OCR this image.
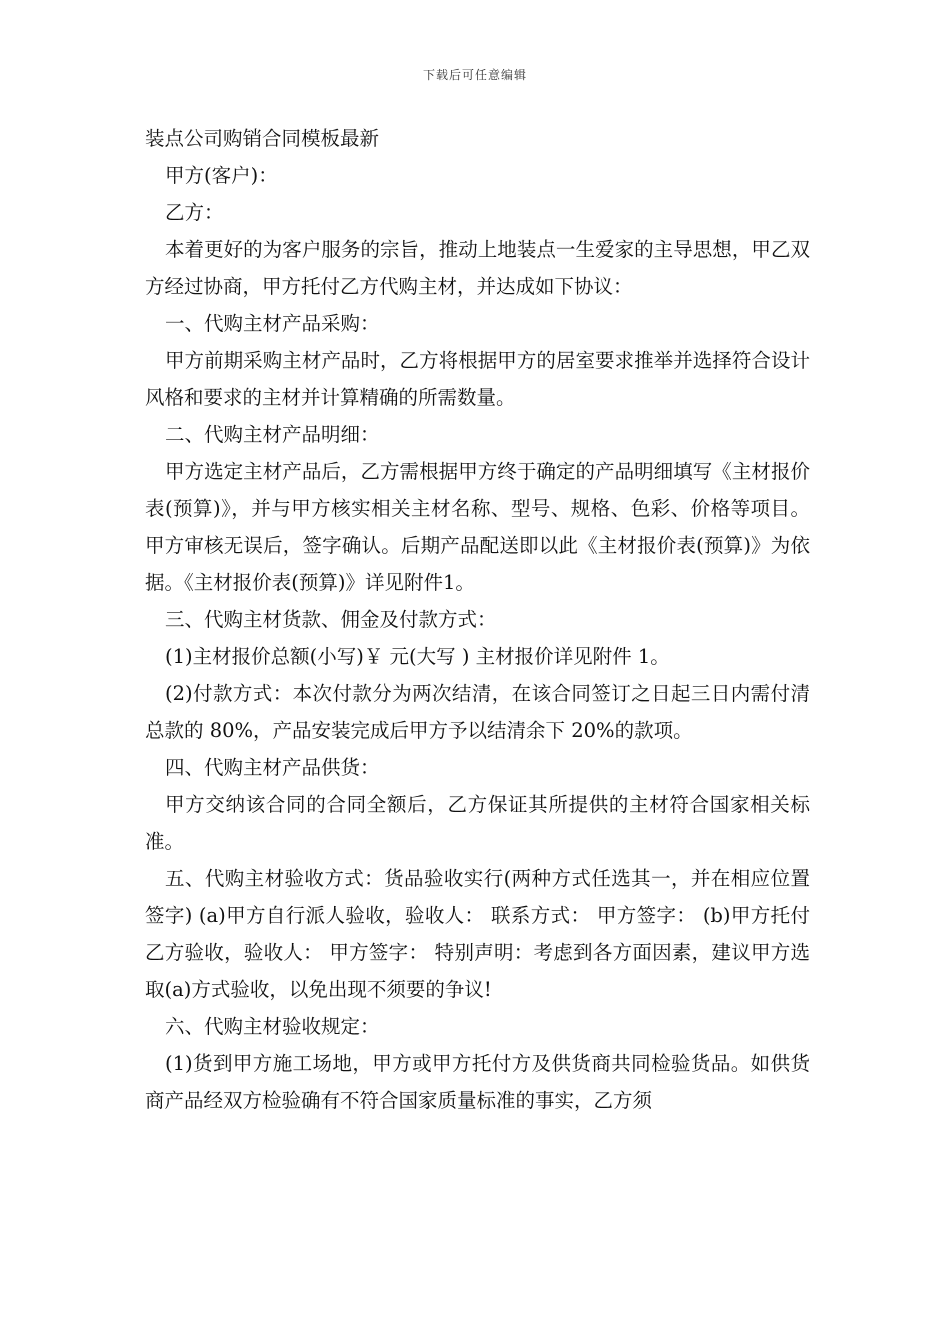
下载后可任意编辑

装点公司购销合同模板最新

甲方(客户)：

乙方：

本着更好的为客户服务的宗旨，推动上地装点一生爱家的主导思想，甲乙双方经过协商，甲方托付乙方代购主材，并达成如下协议：

一、代购主材产品采购：

甲方前期采购主材产品时，乙方将根据甲方的居室要求推举并选择符合设计风格和要求的主材并计算精确的所需数量。

二、代购主材产品明细：

甲方选定主材产品后，乙方需根据甲方终于确定的产品明细填写《主材报价表(预算)》，并与甲方核实相关主材名称、型号、规格、色彩、价格等项目。甲方审核无误后，签字确认。后期产品配送即以此《主材报价表(预算)》为依据。《主材报价表(预算)》详见附件1。

三、代购主材货款、佣金及付款方式：

(1)主材报价总额(小写)￥ 元(大写 ) 主材报价详见附件 1。

(2)付款方式：本次付款分为两次结清，在该合同签订之日起三日内需付清总款的 80%，产品安装完成后甲方予以结清余下 20%的款项。

四、代购主材产品供货：

甲方交纳该合同的合同全额后，乙方保证其所提供的主材符合国家相关标准。

五、代购主材验收方式：货品验收实行(两种方式任选其一，并在相应位置签字) (a)甲方自行派人验收，验收人： 联系方式： 甲方签字： (b)甲方托付乙方验收，验收人： 甲方签字： 特别声明：考虑到各方面因素，建议甲方选取(a)方式验收，以免出现不须要的争议!

六、代购主材验收规定：

(1)货到甲方施工场地，甲方或甲方托付方及供货商共同检验货品。如供货商产品经双方检验确有不符合国家质量标准的事实，乙方须
